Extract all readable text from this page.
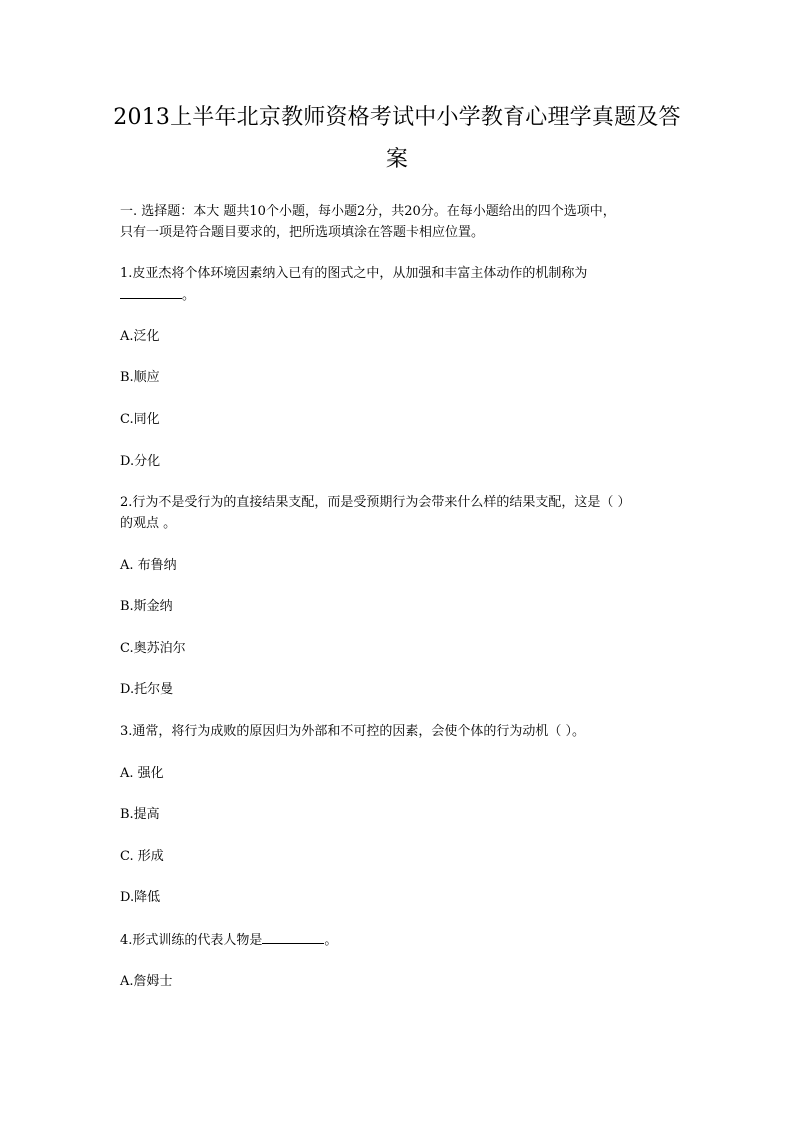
2013上半年北京教师资格考试中小学教育心理学真题及答
案
一. 选择题：本大 题共10个小题，每小题2分，共20分。在每小题给出的四个选项中，
只有一项是符合题目要求的，把所选项填涂在答题卡相应位置。
1.皮亚杰将个体环境因素纳入已有的图式之中，从加强和丰富主体动作的机制称为
。
A.泛化
B.顺应
C.同化
D.分化
2.行为不是受行为的直接结果支配，而是受预期行为会带来什么样的结果支配，这是（ ）
的观点 。
A. 布鲁纳
B.斯金纳
C.奥苏泊尔
D.托尔曼
3.通常，将行为成败的原因归为外部和不可控的因素，会使个体的行为动机（ ）。
A. 强化
B.提高
C. 形成
D.降低
4.形式训练的代表人物是	。
A.詹姆士
